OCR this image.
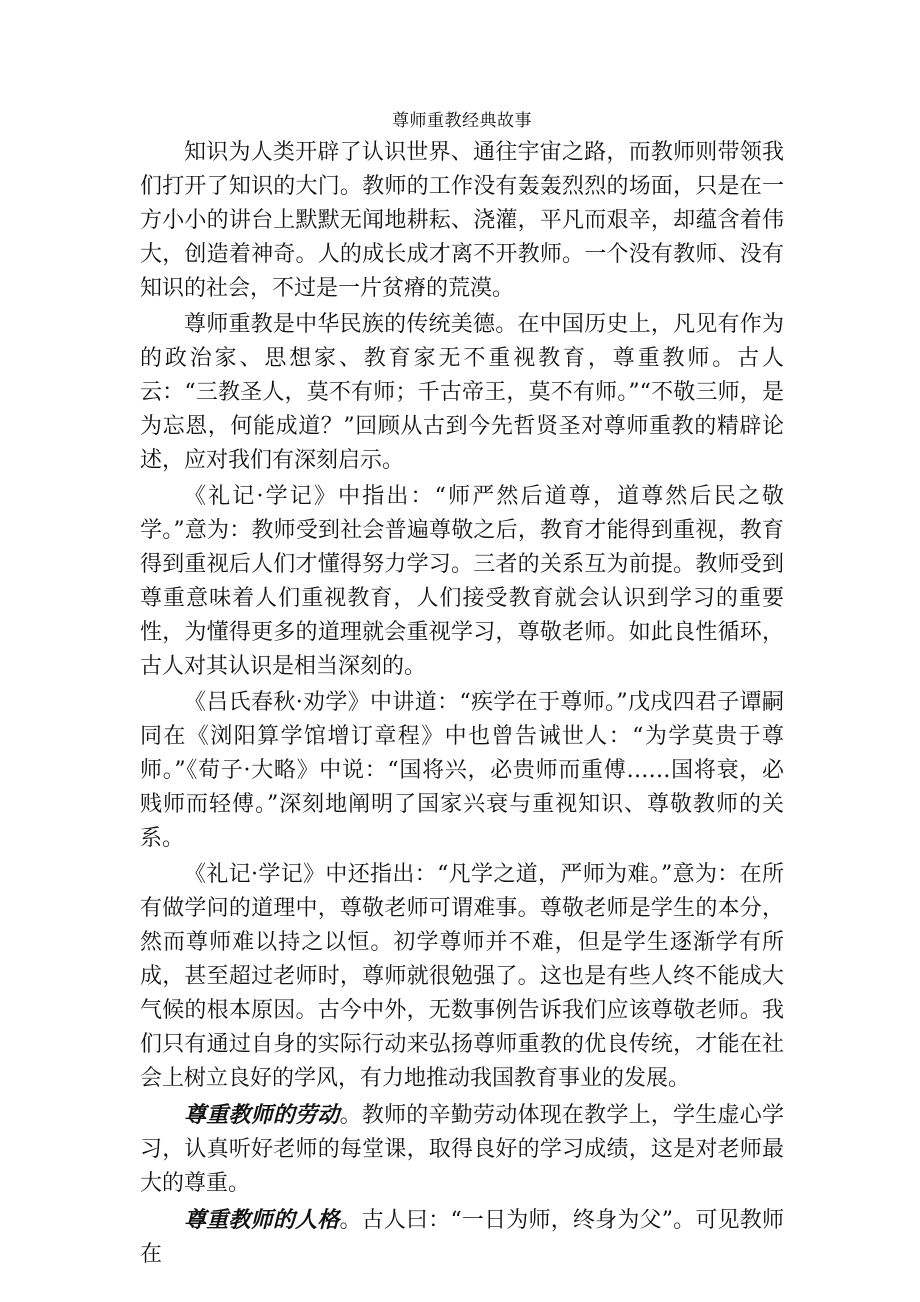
尊师重教经典故事

知识为人类开辟了认识世界、通往宇宙之路，而教师则带领我们打开了知识的大门。教师的工作没有轰轰烈烈的场面，只是在一方小小的讲台上默默无闻地耕耘、浇灌，平凡而艰辛，却蕴含着伟大，创造着神奇。人的成长成才离不开教师。一个没有教师、没有知识的社会，不过是一片贫瘠的荒漠。

尊师重教是中华民族的传统美德。在中国历史上，凡见有作为的政治家、思想家、教育家无不重视教育，尊重教师。古人云：“三教圣人，莫不有师；千古帝王，莫不有师。”“不敬三师，是为忘恩，何能成道？”回顾从古到今先哲贤圣对尊师重教的精辟论述，应对我们有深刻启示。

《礼记·学记》中指出：“师严然后道尊，道尊然后民之敬学。”意为：教师受到社会普遍尊敬之后，教育才能得到重视，教育得到重视后人们才懂得努力学习。三者的关系互为前提。教师受到尊重意味着人们重视教育，人们接受教育就会认识到学习的重要性，为懂得更多的道理就会重视学习，尊敬老师。如此良性循环，古人对其认识是相当深刻的。

《吕氏春秋·劝学》中讲道：“疾学在于尊师。”戊戌四君子谭嗣同在《浏阳算学馆增订章程》中也曾告诫世人：“为学莫贵于尊师。”《荀子·大略》中说：“国将兴，必贵师而重傅……国将衰，必贱师而轻傅。”深刻地阐明了国家兴衰与重视知识、尊敬教师的关系。

《礼记·学记》中还指出：“凡学之道，严师为难。”意为：在所有做学问的道理中，尊敬老师可谓难事。尊敬老师是学生的本分，然而尊师难以持之以恒。初学尊师并不难，但是学生逐渐学有所成，甚至超过老师时，尊师就很勉强了。这也是有些人终不能成大气候的根本原因。古今中外，无数事例告诉我们应该尊敬老师。我们只有通过自身的实际行动来弘扬尊师重教的优良传统，才能在社会上树立良好的学风，有力地推动我国教育事业的发展。

尊重教师的劳动。教师的辛勤劳动体现在教学上，学生虚心学习，认真听好老师的每堂课，取得良好的学习成绩，这是对老师最大的尊重。

尊重教师的人格。古人曰：“一日为师，终身为父”。可见教师在
